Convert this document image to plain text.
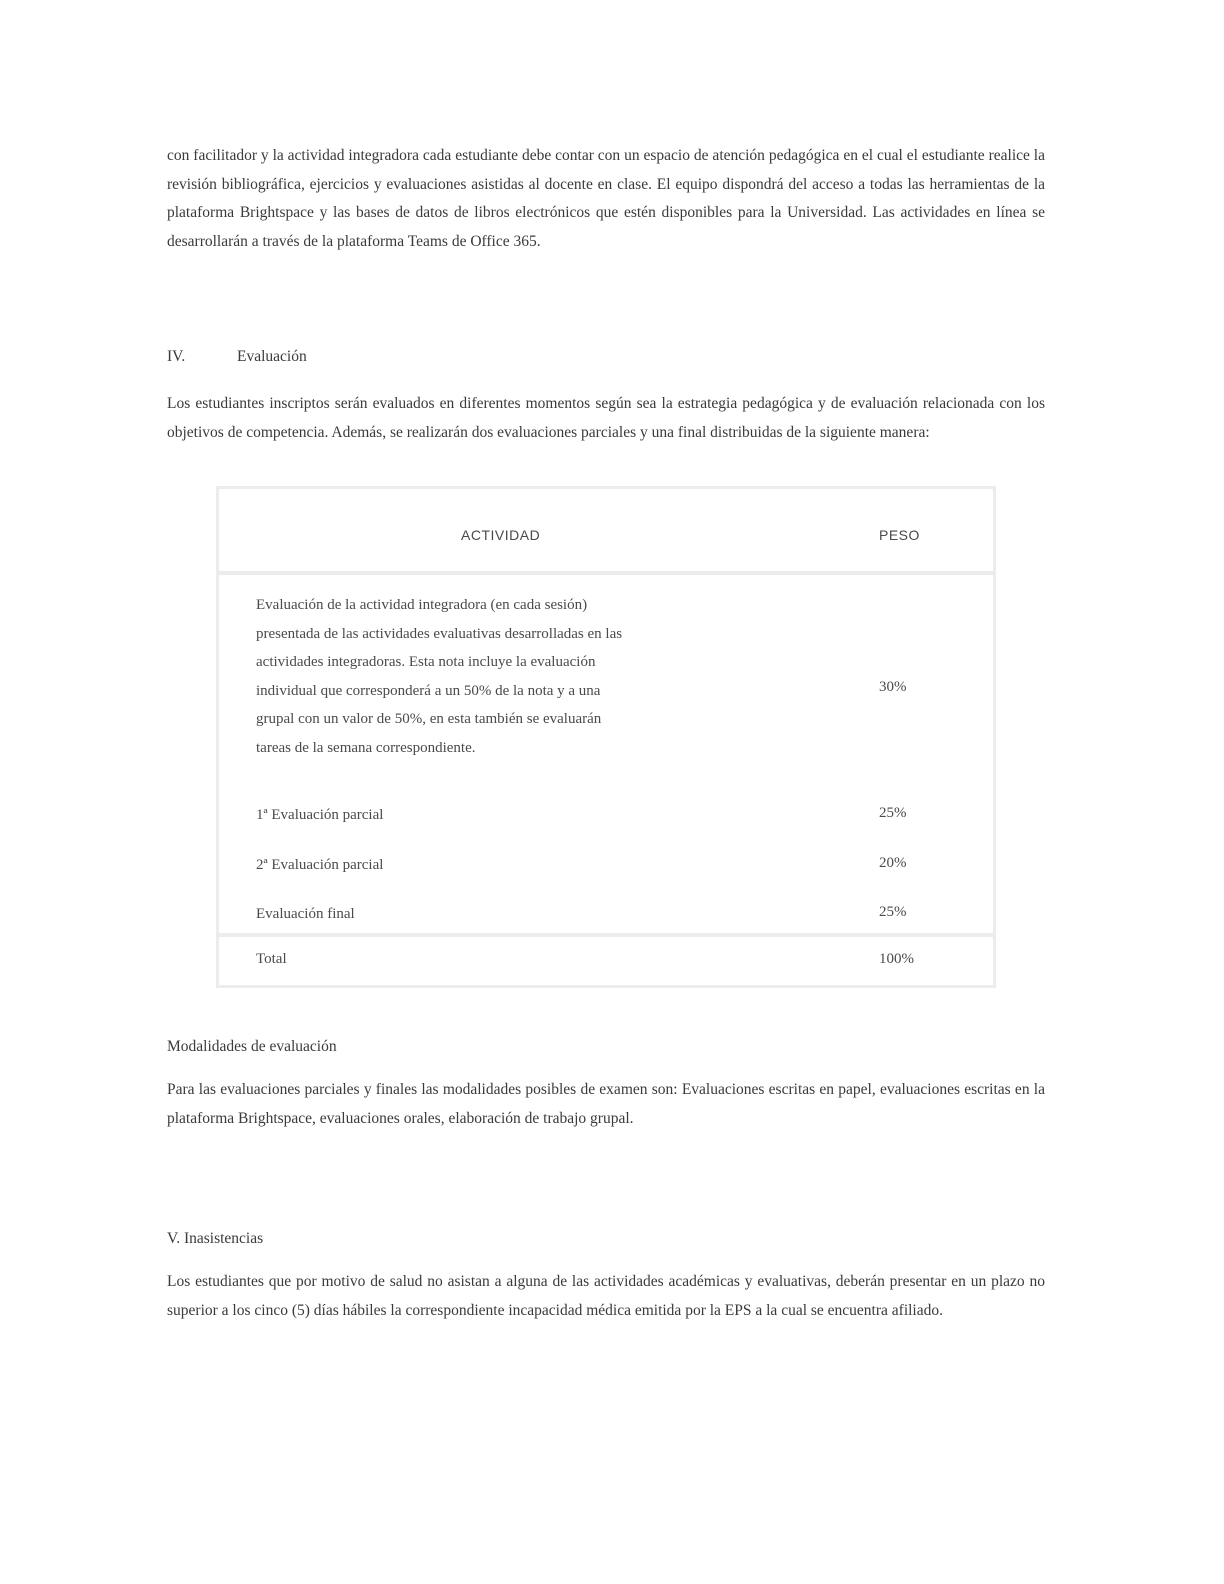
con facilitador y la actividad integradora cada estudiante debe contar con un espacio de atención pedagógica en el cual el estudiante realice la revisión bibliográfica, ejercicios y evaluaciones asistidas al docente en clase. El equipo dispondrá del acceso a todas las herramientas de la plataforma Brightspace y las bases de datos de libros electrónicos que estén disponibles para la Universidad. Las actividades en línea se desarrollarán a través de la plataforma Teams de Office 365.

IV.	Evaluación

Los estudiantes inscriptos serán evaluados en diferentes momentos según sea la estrategia pedagógica y de evaluación relacionada con los objetivos de competencia. Además, se realizarán dos evaluaciones parciales y una final distribuidas de la siguiente manera:

ACTIVIDAD	PESO
Evaluación de la actividad integradora (en cada sesión)
presentada de las actividades evaluativas desarrolladas en las
actividades integradoras. Esta nota incluye la evaluación
individual que corresponderá a un 50% de la nota y a una
grupal con un valor de 50%, en esta también se evaluarán
tareas de la semana correspondiente.
30%
1ª Evaluación parcial	25%
2ª Evaluación parcial	20%
Evaluación final	25%
Total	100%
Modalidades de evaluación

Para las evaluaciones parciales y finales las modalidades posibles de examen son: Evaluaciones escritas en papel, evaluaciones escritas en la plataforma Brightspace, evaluaciones orales, elaboración de trabajo grupal.

V. Inasistencias

Los estudiantes que por motivo de salud no asistan a alguna de las actividades académicas y evaluativas, deberán presentar en un plazo no superior a los cinco (5) días hábiles la correspondiente incapacidad médica emitida por la EPS a la cual se encuentra afiliado.
